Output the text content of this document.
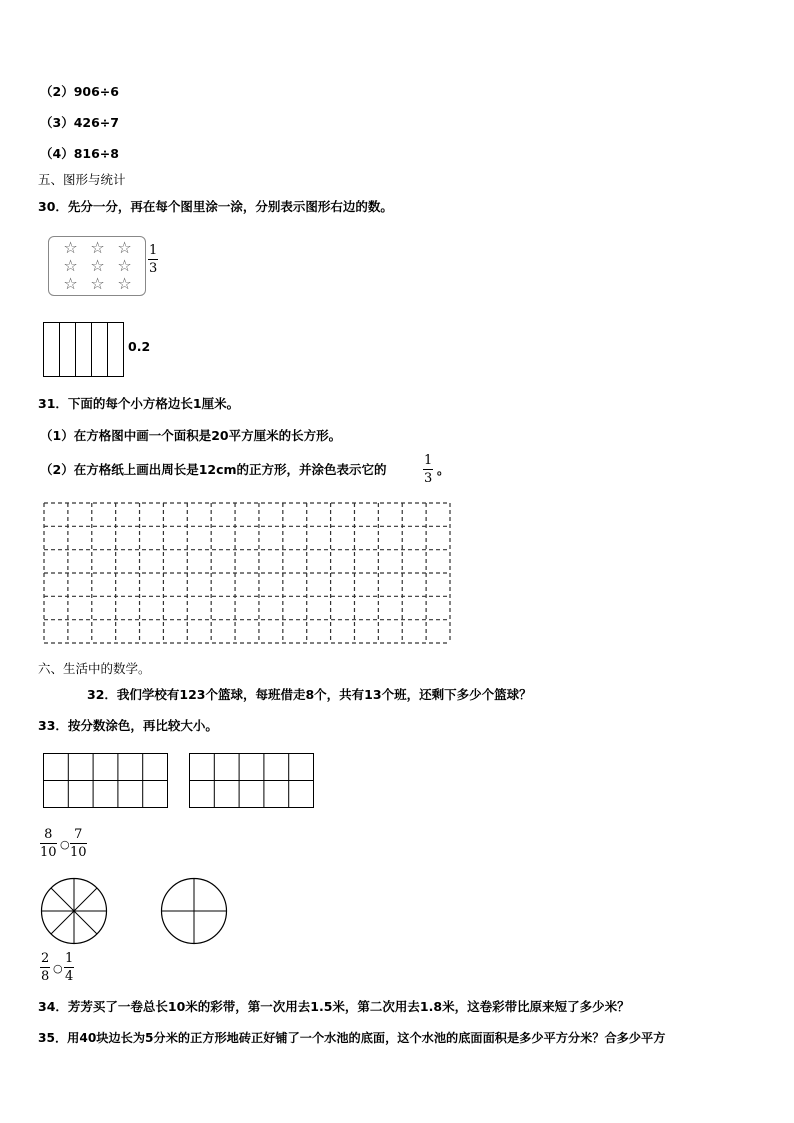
（2）906÷6
（3）426÷7
（4）816÷8
五、图形与统计
30．先分一分，再在每个图里涂一涂，分别表示图形右边的数。
☆ ☆ ☆
☆ ☆ ☆
☆ ☆ ☆
1
3
0.2
31．下面的每个小方格边长1厘米。
（1）在方格图中画一个面积是20平方厘米的长方形。
（2）在方格纸上画出周长是12cm的正方形，并涂色表示它的
1
3
。
六、生活中的数学。
32．我们学校有123个篮球，每班借走8个，共有13个班，还剩下多少个篮球？
33．按分数涂色，再比较大小。
8
10
○
7
10
2
8
○
1
4
34．芳芳买了一卷总长10米的彩带，第一次用去1.5米，第二次用去1.8米，这卷彩带比原来短了多少米？
35．用40块边长为5分米的正方形地砖正好铺了一个水池的底面，这个水池的底面面积是多少平方分米？合多少平方
